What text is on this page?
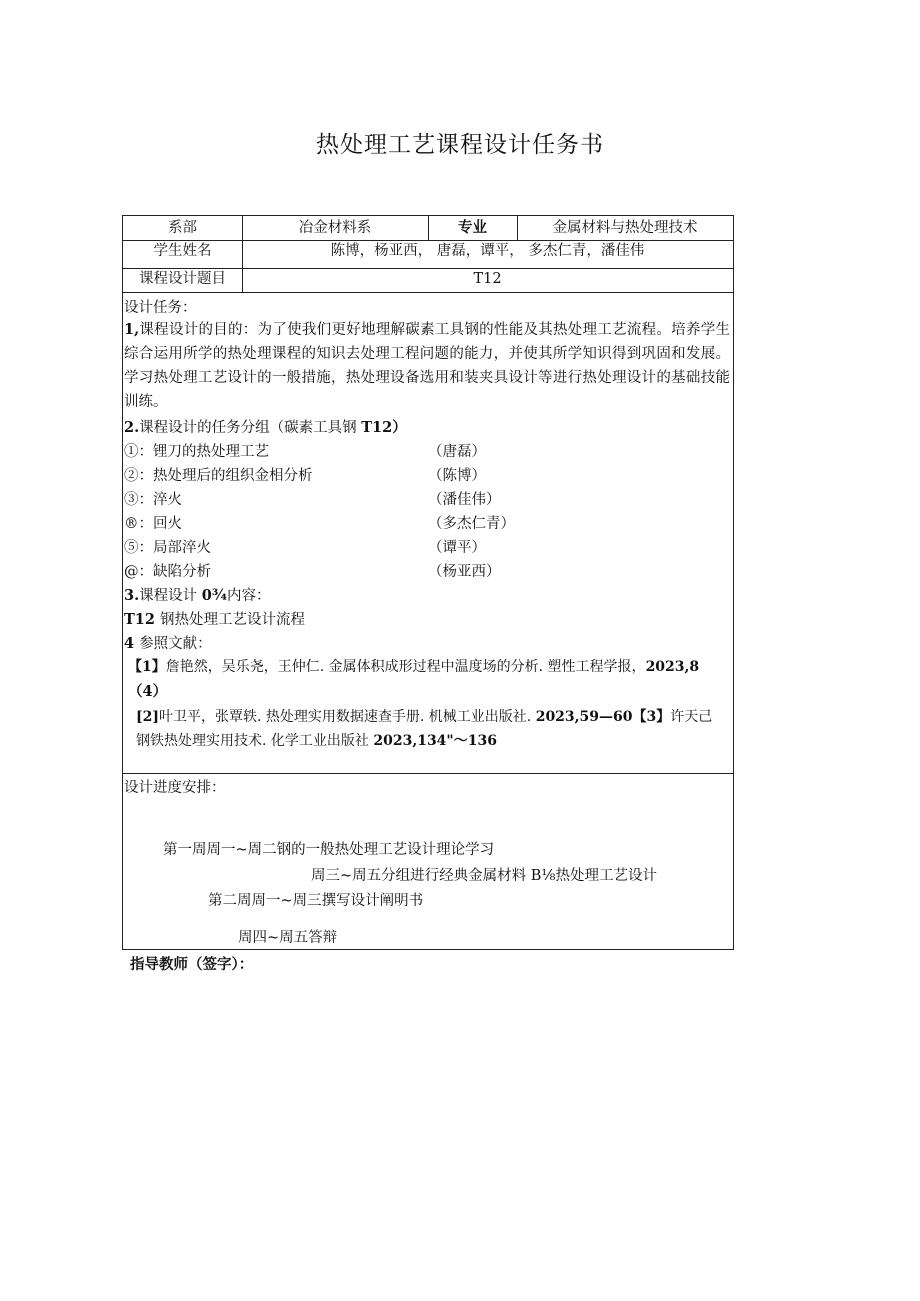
热处理工艺课程设计任务书
系部	冶金材料系	专业	金属材料与热处理技术
学生姓名	陈博，杨亚西， 唐磊，谭平， 多杰仁青，潘佳伟
课程设计题目	T12
设计任务：
1,课程设计的目的：为了使我们更好地理解碳素工具钢的性能及其热处理工艺流程。培养学生综合运用所学的热处理课程的知识去处理工程问题的能力，并使其所学知识得到巩固和发展。学习热处理工艺设计的一般措施，热处理设备选用和装夹具设计等进行热处理设计的基础技能训练。
2.课程设计的任务分组（碳素工具钢 T12）
①：锂刀的热处理工艺	（唐磊）
②：热处理后的组织金相分析	（陈博）
③：淬火	（潘佳伟）
®：回火	（多杰仁青）
⑤：局部淬火	（谭平）
@：缺陷分析	（杨亚西）
3.课程设计 0¾内容：
T12 钢热处理工艺设计流程
4 参照文献：
【1】詹艳然，吴乐尧，王仲仁. 金属体积成形过程中温度场的分析. 塑性工程学报，2023,8
（4）
[2]叶卫平，张覃轶. 热处理实用数据速查手册. 机械工业出版社. 2023,59—60【3】许天己
钢铁热处理实用技术. 化学工业出版社 2023,134"～136
设计进度安排：
第一周周一~周二钢的一般热处理工艺设计理论学习
周三~周五分组进行经典金属材料 B⅛热处理工艺设计
第二周周一~周三撰写设计阐明书
周四~周五答辩
指导教师（签字）：
